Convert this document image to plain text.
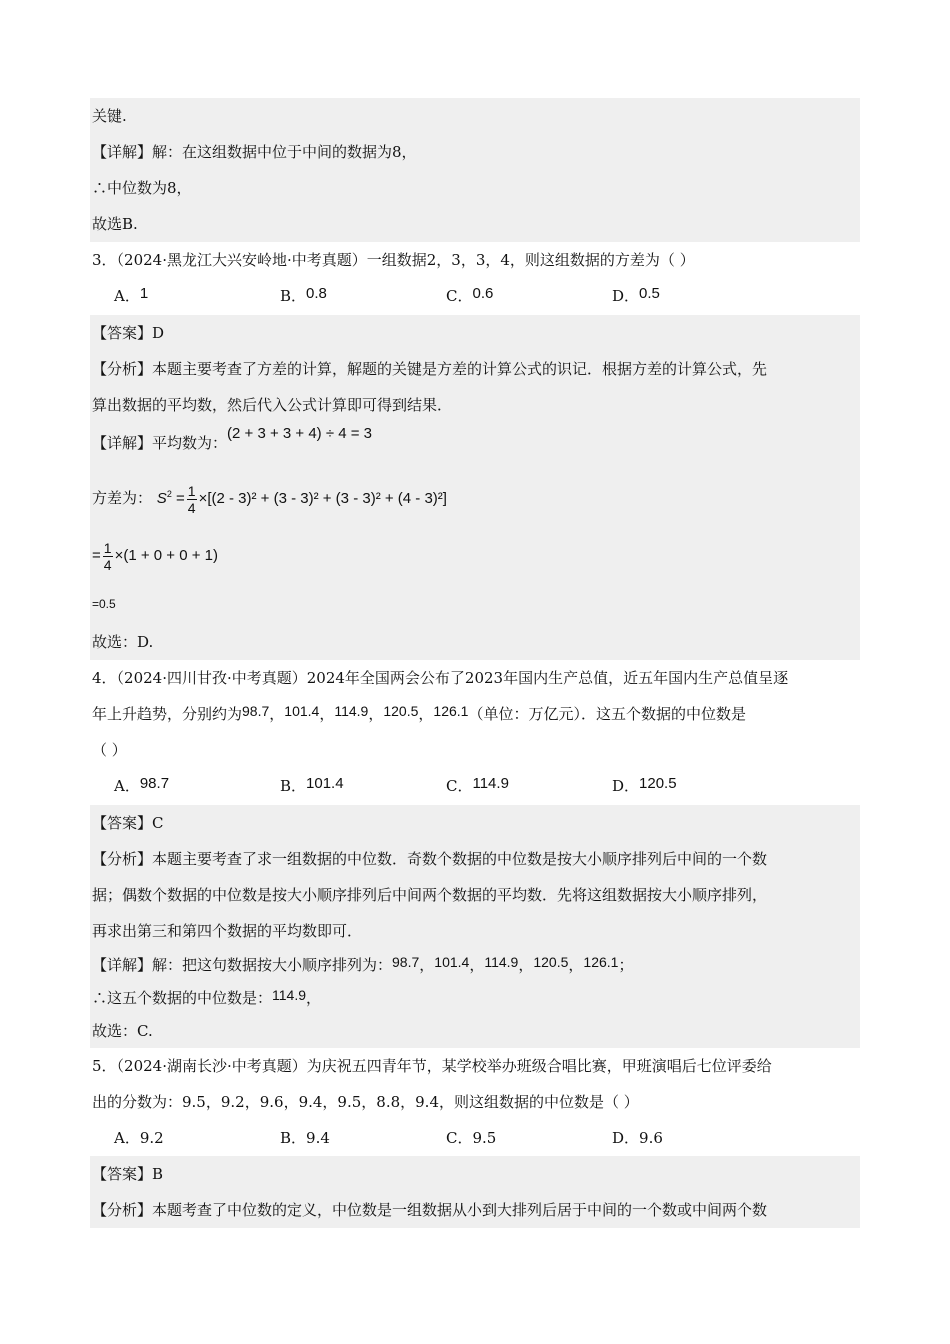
关键.
【详解】解：在这组数据中位于中间的数据为8，
∴中位数为8，
故选B.
3．（2024·黑龙江大兴安岭地·中考真题）一组数据2，3，3，4，则这组数据的方差为（ ）
A．1	B．0.8	C．0.6	D．0.5
【答案】D
【分析】本题主要考查了方差的计算，解题的关键是方差的计算公式的识记．根据方差的计算公式，先
算出数据的平均数，然后代入公式计算即可得到结果．
【详解】平均数为：(2 + 3 + 3 + 4) ÷ 4 = 3
方差为： $S^2 = \frac{1}{4} \times[(2 - 3)^2 + (3 - 3)^2 + (3 - 3)^2 + (4 - 3)^2]$
= $\frac{1}{4} \times(1 + 0 + 0 + 1)$
=0.5
故选：D.
4．（2024·四川甘孜·中考真题）2024年全国两会公布了2023年国内生产总值，近五年国内生产总值呈逐
年上升趋势，分别约为98.7，101.4，114.9，120.5，126.1（单位：万亿元）．这五个数据的中位数是
（ ）
A．98.7	B．101.4	C．114.9	D．120.5
【答案】C
【分析】本题主要考查了求一组数据的中位数．奇数个数据的中位数是按大小顺序排列后中间的一个数
据；偶数个数据的中位数是按大小顺序排列后中间两个数据的平均数．先将这组数据按大小顺序排列，
再求出第三和第四个数据的平均数即可．
【详解】解：把这句数据按大小顺序排列为：98.7，101.4，114.9，120.5，126.1；
∴这五个数据的中位数是：114.9，
故选：C.
5．（2024·湖南长沙·中考真题）为庆祝五四青年节，某学校举办班级合唱比赛，甲班演唱后七位评委给
出的分数为：9.5，9.2，9.6，9.4，9.5，8.8，9.4，则这组数据的中位数是（ ）
A．9.2	B．9.4	C．9.5	D．9.6
【答案】B
【分析】本题考查了中位数的定义，中位数是一组数据从小到大排列后居于中间的一个数或中间两个数
